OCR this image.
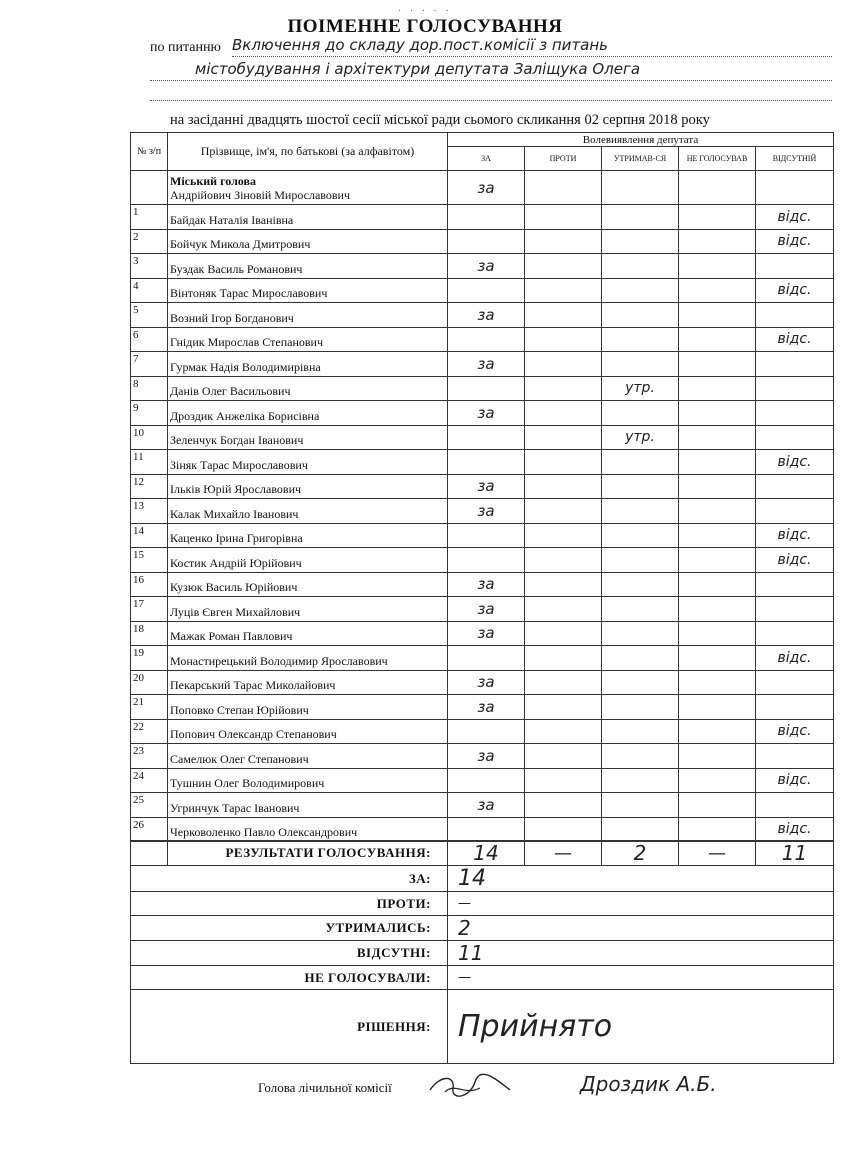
· · · · ·
ПОІМЕННЕ ГОЛОСУВАННЯ
по питанню Включення до складу дор.пост.комісії з питань
містобудування і архітектури депутата Заліщука Олега
на засіданні двадцять шостої сесії міської ради сьомого скликання 02 серпня 2018 року
№ з/п	Прізвище, ім'я, по батькові (за алфавітом)	Волевиявлення депутата				
		ЗА	ПРОТИ	УТРИМАВ-СЯ	НЕ ГОЛОСУВАВ	ВІДСУТНІЙ

	Міський голова
Андрійович Зіновій Мирославович	за				
1	Байдак Наталія Іванівна					відс.
2	Бойчук Микола Дмитрович					відс.
3	Буздак Василь Романович	за				
4	Вінтоняк Тарас Мирославович					відс.
5	Возний Ігор Богданович	за				
6	Гнідик Мирослав Степанович					відс.
7	Гурмак Надія Володимирівна	за				
8	Данів Олег Васильович			утр.		
9	Дроздик Анжеліка Борисівна	за				
10	Зеленчук Богдан Іванович			утр.		
11	Зіняк Тарас Мирославович					відс.
12	Ільків Юрій Ярославович	за				
13	Калак Михайло Іванович	за				
14	Каценко Ірина Григорівна					відс.
15	Костик Андрій Юрійович					відс.
16	Кузюк Василь Юрійович	за				
17	Луців Євген Михайлович	за				
18	Мажак Роман Павлович	за				
19	Монастирецький Володимир Ярославович					відс.
20	Пекарський Тарас Миколайович	за				
21	Поповко Степан Юрійович	за				
22	Попович Олександр Степанович					відс.
23	Самелюк Олег Степанович	за				
24	Тушнин Олег Володимирович					відс.
25	Угринчук Тарас Іванович	за				
26	Черковоленко Павло Олександрович					відс.
	РЕЗУЛЬТАТИ ГОЛОСУВАННЯ:	14	—	2	—	11
ЗА:		14				
ПРОТИ:		—				
УТРИМАЛИСЬ:		2				
ВІДСУТНІ:		11				
НЕ ГОЛОСУВАЛИ:		—				
РІШЕННЯ:		Прийнято				
Голова лічильної комісії	Дроздик А.Б.
